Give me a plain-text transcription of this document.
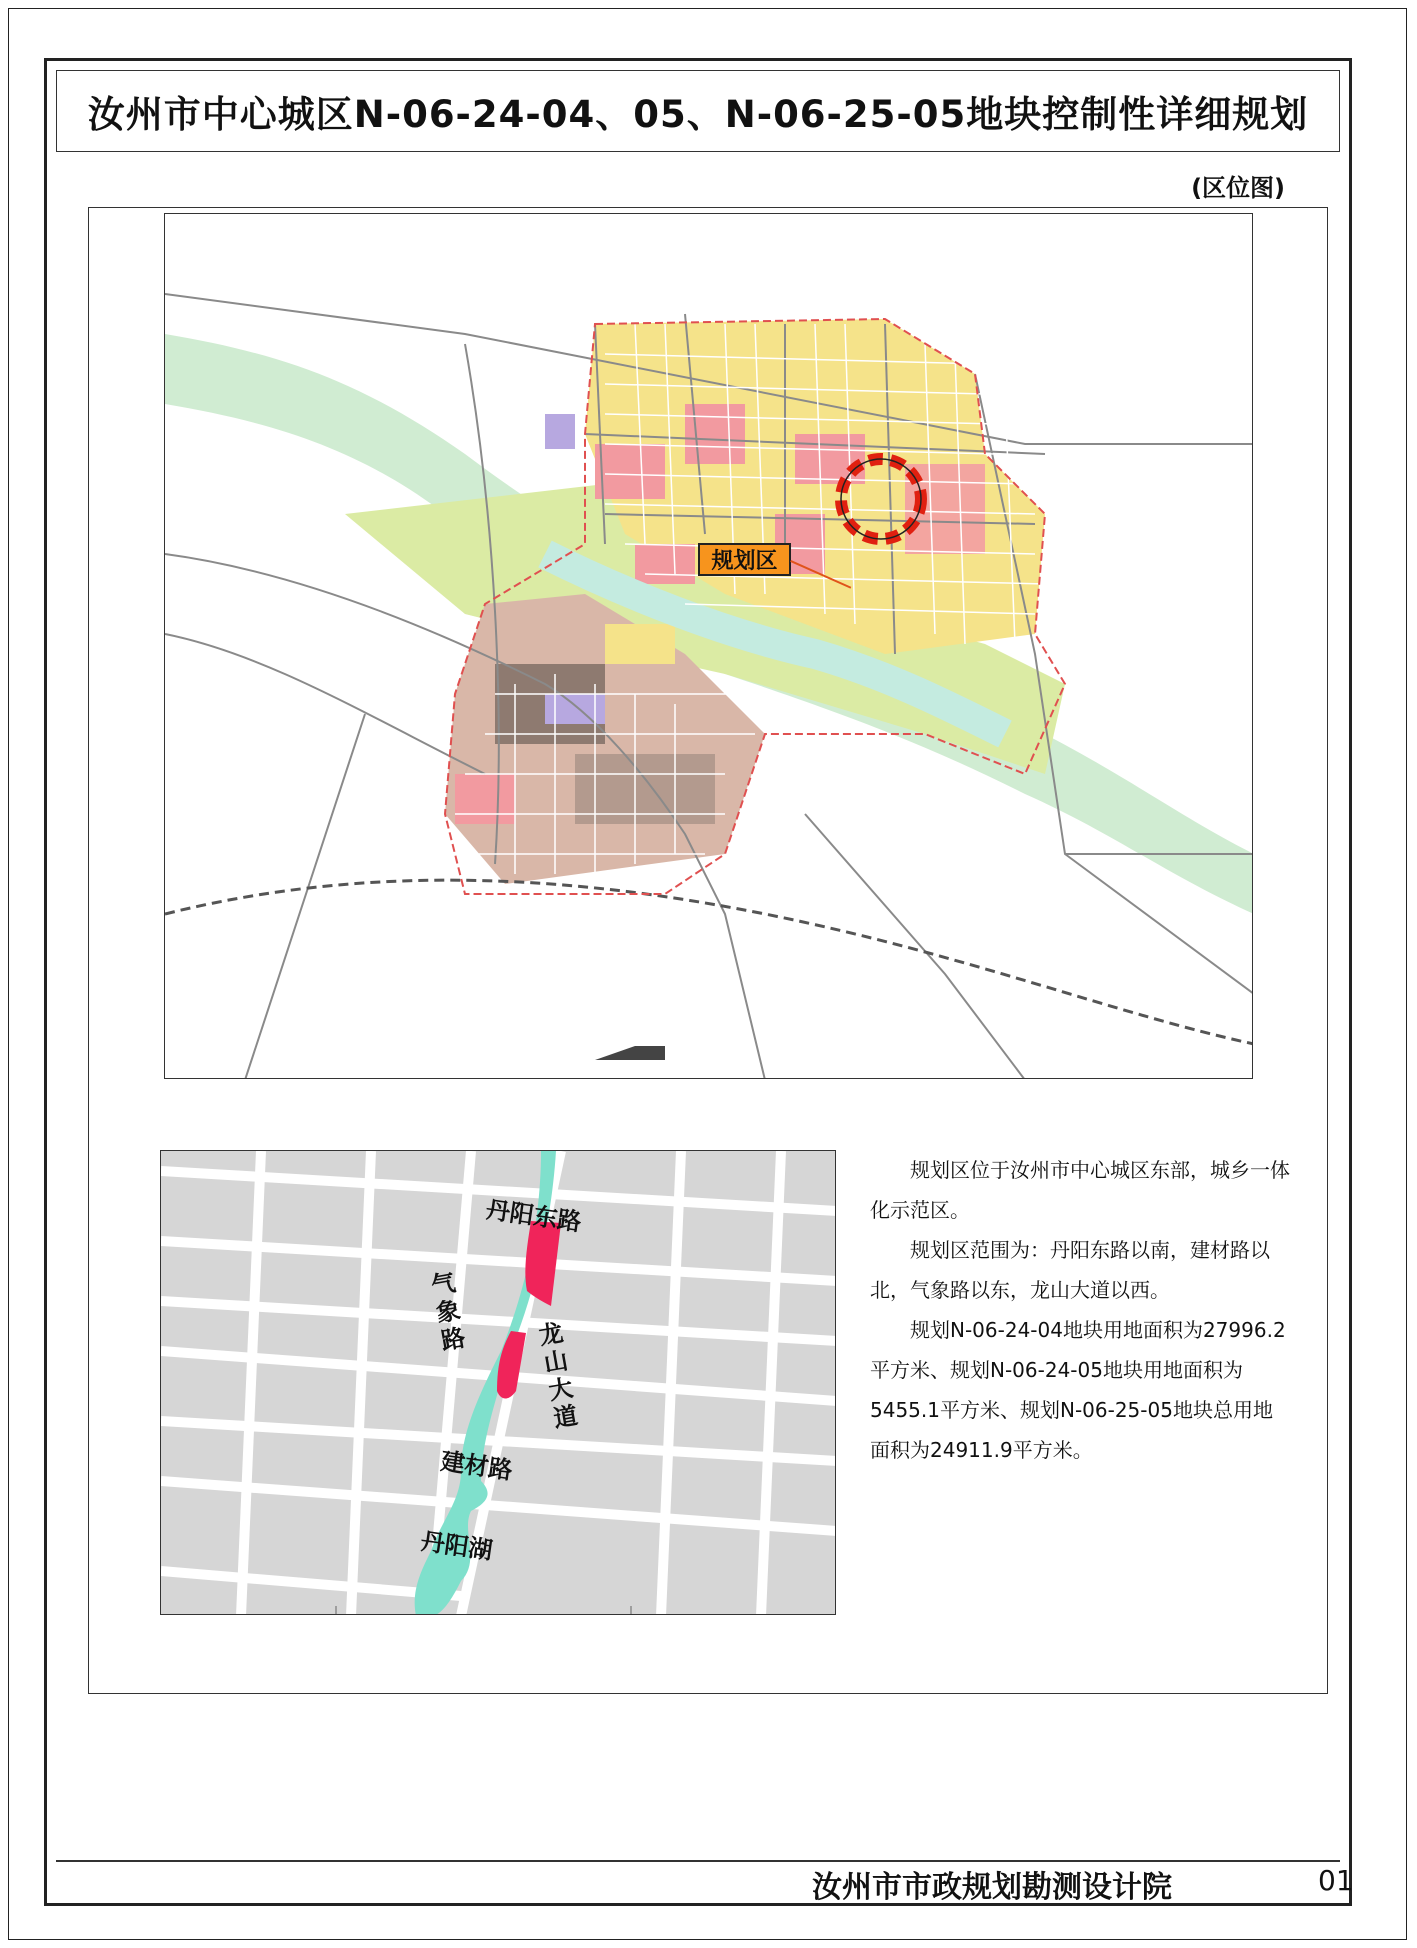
汝州市中心城区N-06-24-04、05、N-06-25-05地块控制性详细规划
(区位图)
规划区
丹阳东路
气象路
龙山大道
建材路
丹阳湖

规划区位于汝州市中心城区东部，城乡一体化示范区。

规划区范围为：丹阳东路以南，建材路以北，气象路以东，龙山大道以西。

规划N-06-24-04地块用地面积为27996.2平方米、规划N-06-24-05地块用地面积为5455.1平方米、规划N-06-25-05地块总用地面积为24911.9平方米。

汝州市市政规划勘测设计院	01
